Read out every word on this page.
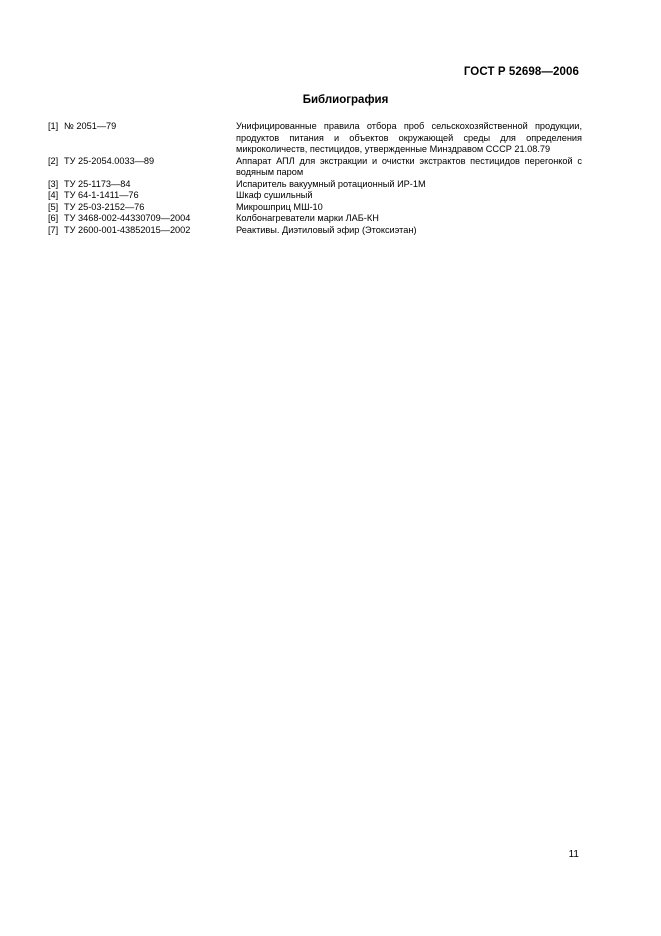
ГОСТ Р 52698—2006
Библиография
[1] № 2051—79	Унифицированные правила отбора проб сельскохозяйственной продукции, продуктов питания и объектов окружающей среды для определения микроколичеств, пестицидов, утвержденные Минздравом СССР 21.08.79
[2] ТУ 25-2054.0033—89	Аппарат АПЛ для экстракции и очистки экстрактов пестицидов перегонкой с водяным паром
[3] ТУ 25-1173—84	Испаритель вакуумный ротационный ИР-1М
[4] ТУ 64-1-1411—76	Шкаф сушильный
[5] ТУ 25-03-2152—76	Микрошприц МШ-10
[6] ТУ 3468-002-44330709—2004	Колбонагреватели марки ЛАБ-КН
[7] ТУ 2600-001-43852015—2002	Реактивы. Диэтиловый эфир (Этоксиэтан)
11
